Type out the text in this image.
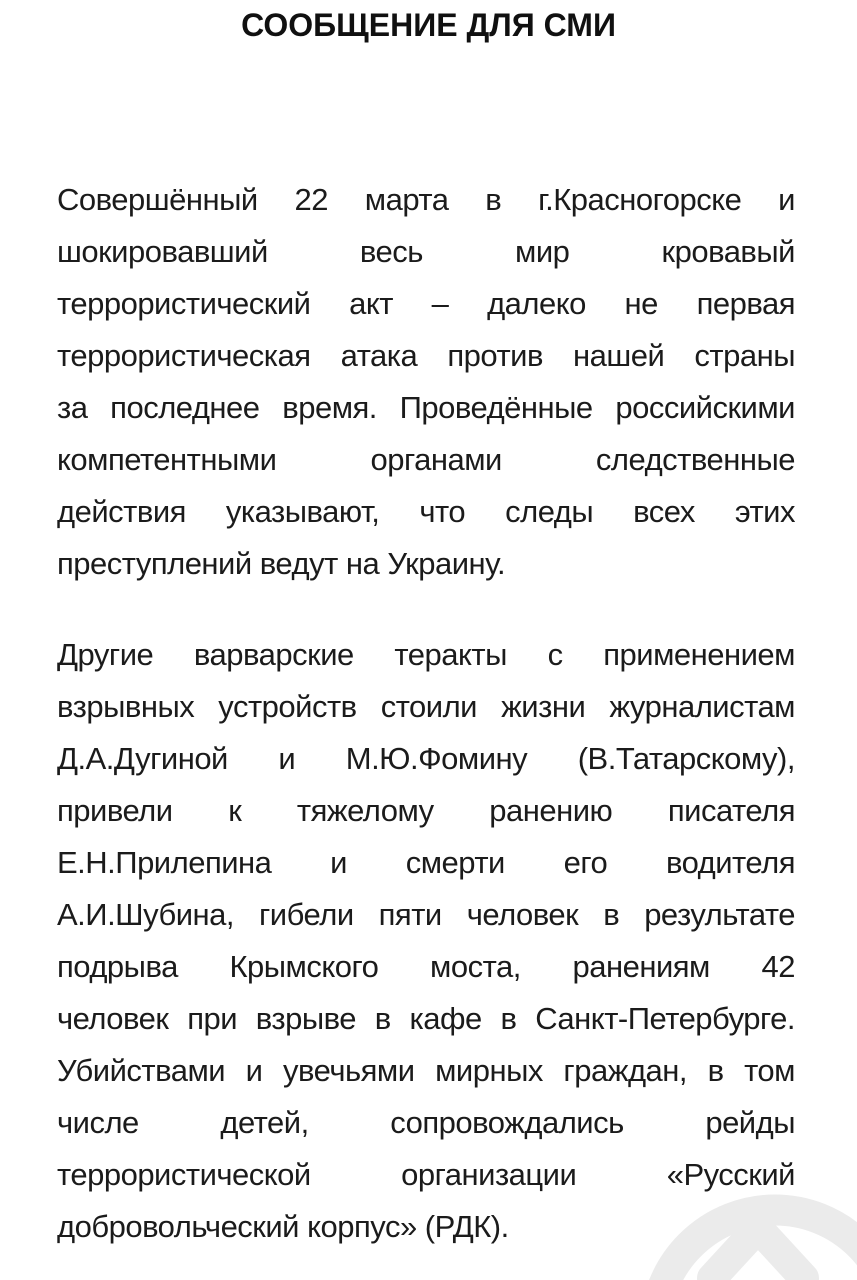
СООБЩЕНИЕ ДЛЯ СМИ
Совершённый 22 марта в г.Красногорске и
шокировавший весь мир кровавый
террористический акт – далеко не первая
террористическая атака против нашей страны
за последнее время. Проведённые российскими
компетентными органами следственные
действия указывают, что следы всех этих
преступлений ведут на Украину.
Другие варварские теракты с применением
взрывных устройств стоили жизни журналистам
Д.А.Дугиной и М.Ю.Фомину (В.Татарскому),
привели к тяжелому ранению писателя
Е.Н.Прилепина и смерти его водителя
А.И.Шубина, гибели пяти человек в результате
подрыва Крымского моста, ранениям 42
человек при взрыве в кафе в Санкт-Петербурге.
Убийствами и увечьями мирных граждан, в том
числе детей, сопровождались рейды
террористической организации «Русский
добровольческий корпус» (РДК).
